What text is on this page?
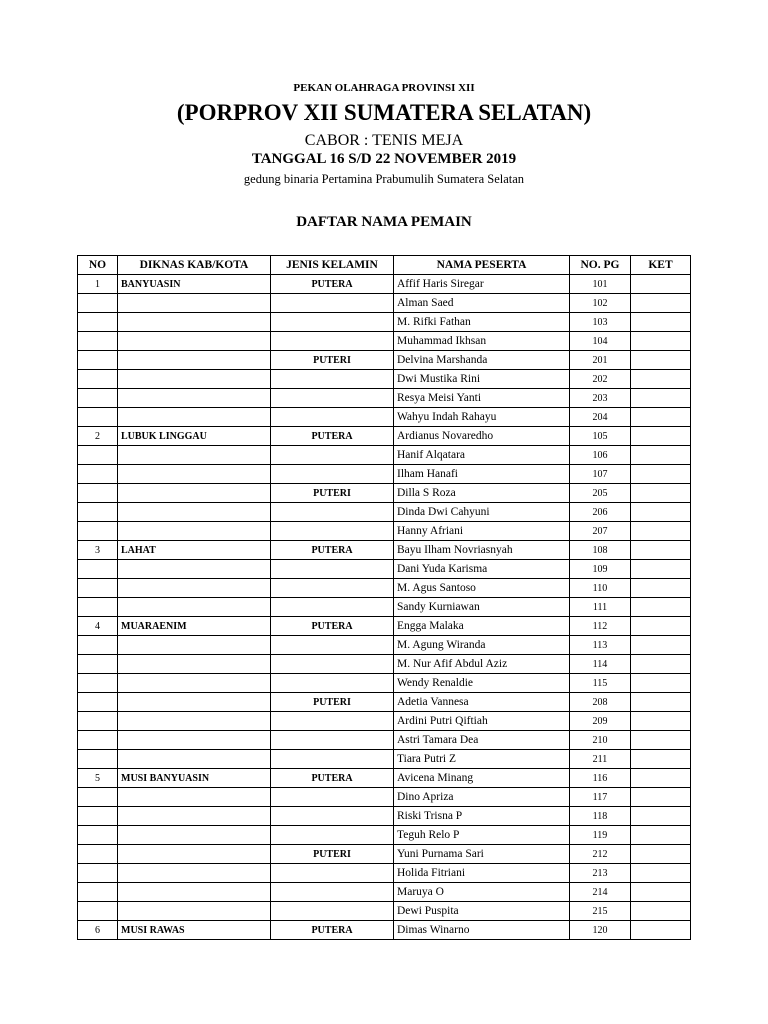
PEKAN OLAHRAGA PROVINSI XII
(PORPROV XII SUMATERA SELATAN)
CABOR : TENIS MEJA
TANGGAL 16 S/D 22 NOVEMBER 2019
gedung binaria Pertamina Prabumulih Sumatera Selatan
DAFTAR NAMA PEMAIN
NO	DIKNAS KAB/KOTA	JENIS KELAMIN	NAMA PESERTA	NO. PG	KET
1	BANYUASIN	PUTERA	Affif Haris Siregar	101	
			Alman Saed	102	
			M. Rifki Fathan	103	
			Muhammad Ikhsan	104	
		PUTERI	Delvina Marshanda	201	
			Dwi Mustika Rini	202	
			Resya Meisi Yanti	203	
			Wahyu Indah Rahayu	204	
2	LUBUK LINGGAU	PUTERA	Ardianus Novaredho	105	
			Hanif Alqatara	106	
			Ilham Hanafi	107	
		PUTERI	Dilla S Roza	205	
			Dinda Dwi Cahyuni	206	
			Hanny Afriani	207	
3	LAHAT	PUTERA	Bayu Ilham Novriasnyah	108	
			Dani Yuda Karisma	109	
			M. Agus Santoso	110	
			Sandy Kurniawan	111	
4	MUARAENIM	PUTERA	Engga Malaka	112	
			M. Agung Wiranda	113	
			M. Nur Afif Abdul Aziz	114	
			Wendy Renaldie	115	
		PUTERI	Adetia Vannesa	208	
			Ardini Putri Qiftiah	209	
			Astri Tamara Dea	210	
			Tiara Putri Z	211	
5	MUSI BANYUASIN	PUTERA	Avicena Minang	116	
			Dino Apriza	117	
			Riski Trisna P	118	
			Teguh Relo P	119	
		PUTERI	Yuni Purnama Sari	212	
			Holida Fitriani	213	
			Maruya O	214	
			Dewi Puspita	215	
6	MUSI RAWAS	PUTERA	Dimas Winarno	120	
